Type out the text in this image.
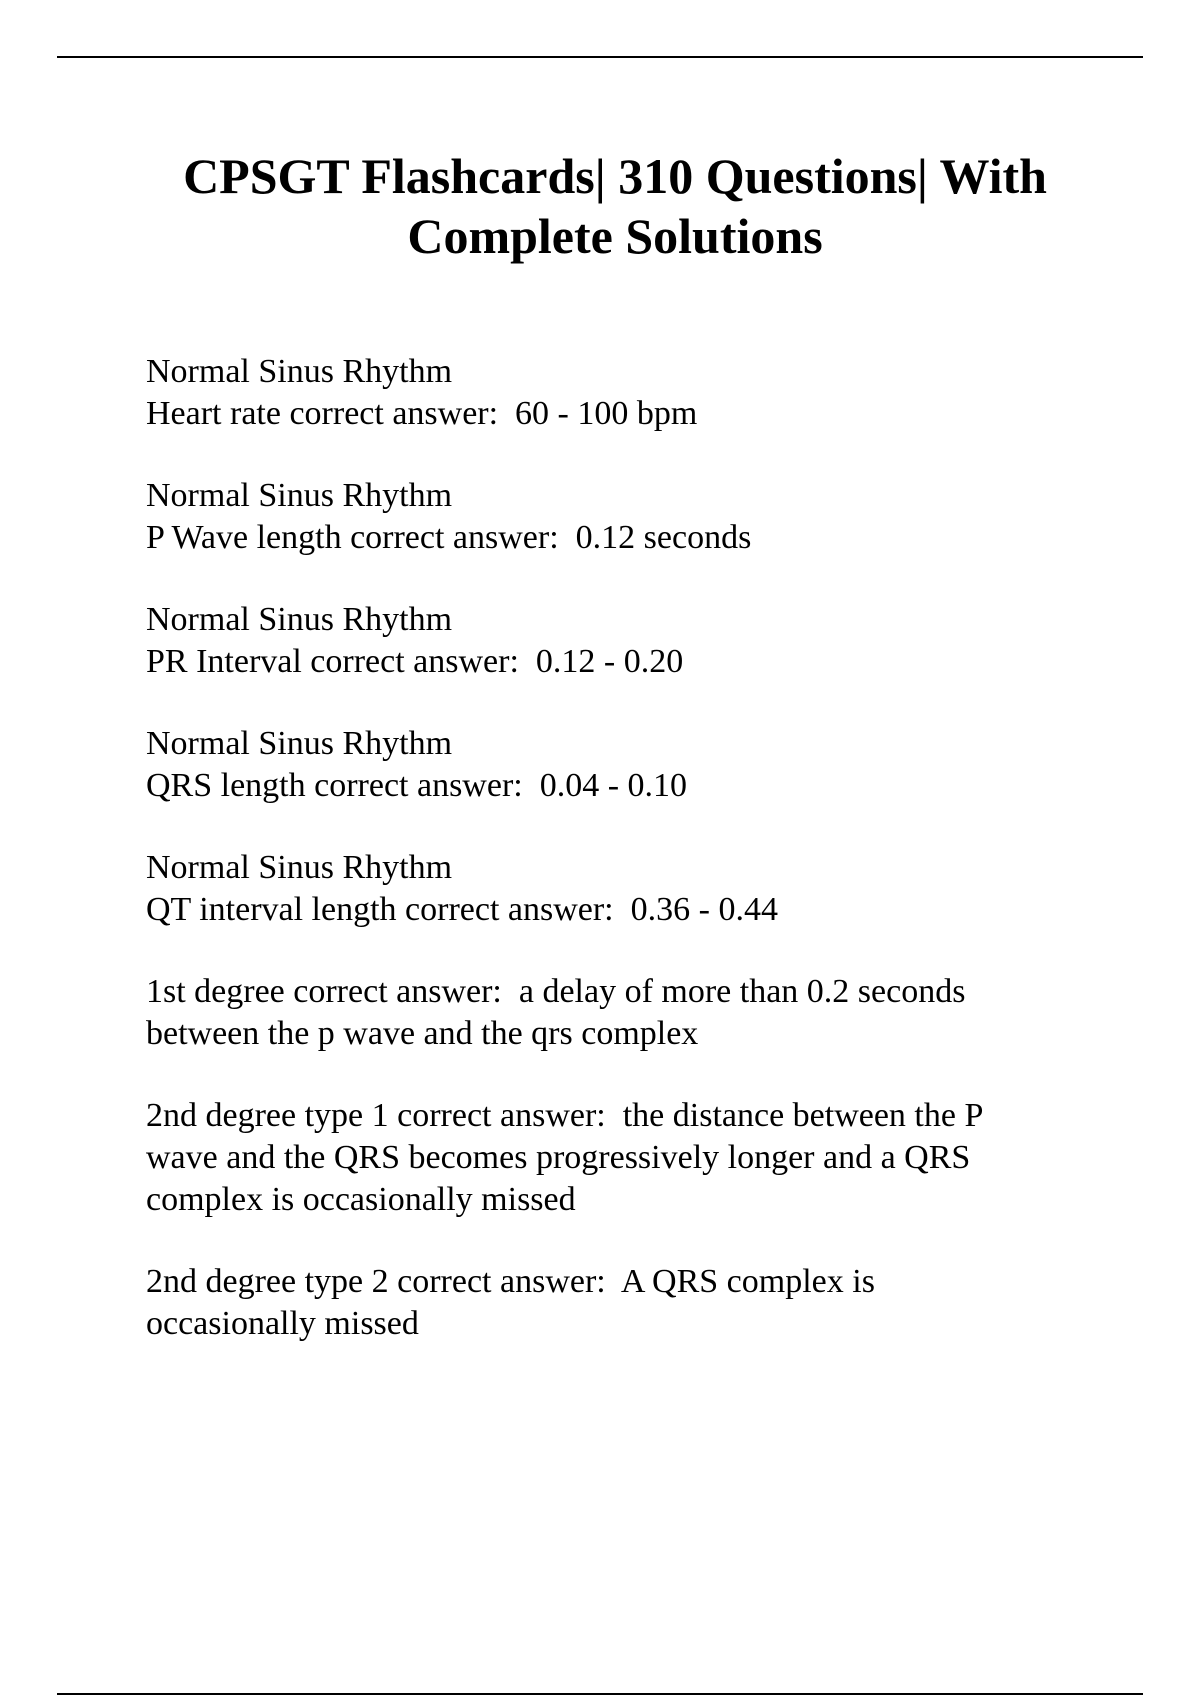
CPSGT Flashcards| 310 Questions| With
Complete Solutions
Normal Sinus Rhythm
Heart rate correct answer:  60 - 100 bpm
Normal Sinus Rhythm
P Wave length correct answer:  0.12 seconds
Normal Sinus Rhythm
PR Interval correct answer:  0.12 - 0.20
Normal Sinus Rhythm
QRS length correct answer:  0.04 - 0.10
Normal Sinus Rhythm
QT interval length correct answer:  0.36 - 0.44
1st degree correct answer:  a delay of more than 0.2 seconds
between the p wave and the qrs complex
2nd degree type 1 correct answer:  the distance between the P
wave and the QRS becomes progressively longer and a QRS
complex is occasionally missed
2nd degree type 2 correct answer:  A QRS complex is
occasionally missed
